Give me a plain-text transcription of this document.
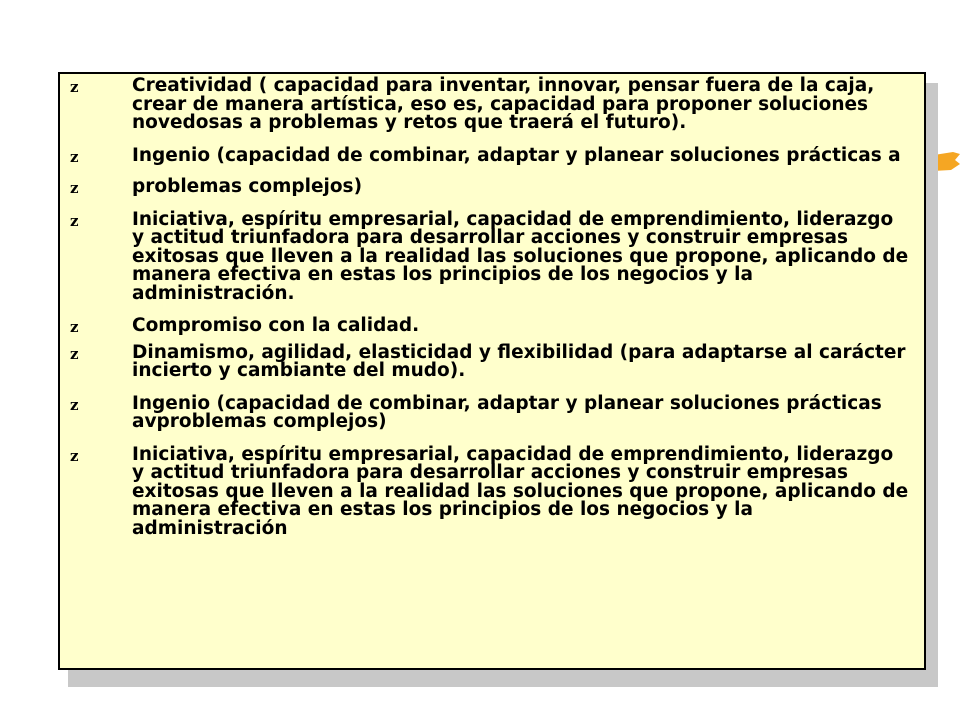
z	Creatividad ( capacidad para inventar, innovar, pensar fuera de la caja, crear de manera artística, eso es, capacidad para proponer soluciones novedosas a problemas y retos que traerá el futuro).
z	Ingenio (capacidad de combinar, adaptar y planear soluciones prácticas a
z	problemas complejos)
z	Iniciativa, espíritu empresarial, capacidad de emprendimiento, liderazgo y actitud triunfadora para desarrollar acciones y construir empresas exitosas que lleven a la realidad las soluciones que propone, aplicando de manera efectiva en estas los principios de los negocios y la administración.
z	Compromiso con la calidad.
z	Dinamismo, agilidad, elasticidad y flexibilidad (para adaptarse al carácter incierto y cambiante del mudo).
z	Ingenio (capacidad de combinar, adaptar y planear soluciones prácticas avproblemas complejos)
z	Iniciativa, espíritu empresarial, capacidad de emprendimiento, liderazgo y actitud triunfadora para desarrollar acciones y construir empresas exitosas que lleven a la realidad las soluciones que propone, aplicando de manera efectiva en estas los principios de los negocios y la administración
